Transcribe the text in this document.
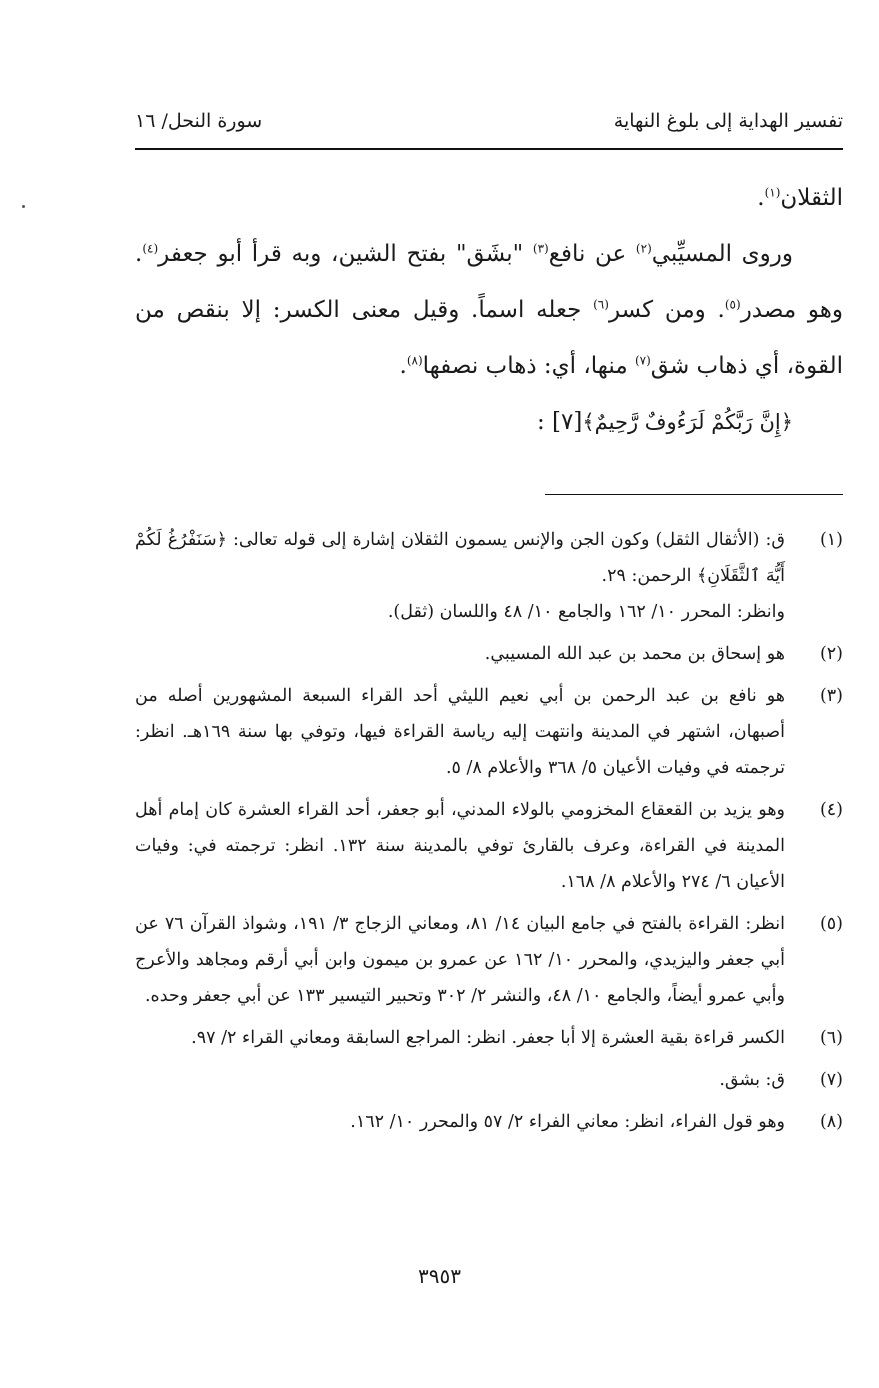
تفسير الهداية إلى بلوغ النهاية
سورة النحل/ ١٦

الثقلان$^{(١)}$.

وروى المسيِّبي$^{(٢)}$ عن نافع$^{(٣)}$ "بشَق" بفتح الشين، وبه قرأ أبو جعفر$^{(٤)}$. وهو مصدر$^{(٥)}$. ومن كسر$^{(٦)}$ جعله اسماً. وقيل معنى الكسر: إلا بنقص من القوة، أي ذهاب شق$^{(٧)}$ منها، أي: ذهاب نصفها$^{(٨)}$.

﴿إِنَّ رَبَّكُمْ لَرَءُوفٌ رَّحِيمٌ﴾[٧] :

(١)

ق: (الأثقال الثقل) وكون الجن والإنس يسمون الثقلان إشارة إلى قوله تعالى: ﴿سَنَفْرُغُ لَكُمْ أَيُّهَ ٱلثَّقَلَانِ﴾ الرحمن: ٢٩.

وانظر: المحرر ١٠/ ١٦٢ والجامع ١٠/ ٤٨ واللسان (ثقل).

(٢)

هو إسحاق بن محمد بن عبد الله المسيبي.

(٣)

هو نافع بن عبد الرحمن بن أبي نعيم الليثي أحد القراء السبعة المشهورين أصله من أصبهان، اشتهر في المدينة وانتهت إليه رياسة القراءة فيها، وتوفي بها سنة ١٦٩هـ. انظر: ترجمته في وفيات الأعيان ٥/ ٣٦٨ والأعلام ٨/ ٥.

(٤)

وهو يزيد بن القعقاع المخزومي بالولاء المدني، أبو جعفر، أحد القراء العشرة كان إمام أهل المدينة في القراءة، وعرف بالقارئ توفي بالمدينة سنة ١٣٢. انظر: ترجمته في: وفيات الأعيان ٦/ ٢٧٤ والأعلام ٨/ ١٦٨.

(٥)

انظر: القراءة بالفتح في جامع البيان ١٤/ ٨١، ومعاني الزجاج ٣/ ١٩١، وشواذ القرآن ٧٦ عن أبي جعفر واليزيدي، والمحرر ١٠/ ١٦٢ عن عمرو بن ميمون وابن أبي أرقم ومجاهد والأعرج وأبي عمرو أيضاً، والجامع ١٠/ ٤٨، والنشر ٢/ ٣٠٢ وتحبير التيسير ١٣٣ عن أبي جعفر وحده.

(٦)

الكسر قراءة بقية العشرة إلا أبا جعفر. انظر: المراجع السابقة ومعاني القراء ٢/ ٩٧.

(٧)

ق: بشق.

(٨)

وهو قول الفراء، انظر: معاني الفراء ٢/ ٥٧ والمحرر ١٠/ ١٦٢.

٣٩٥٣
